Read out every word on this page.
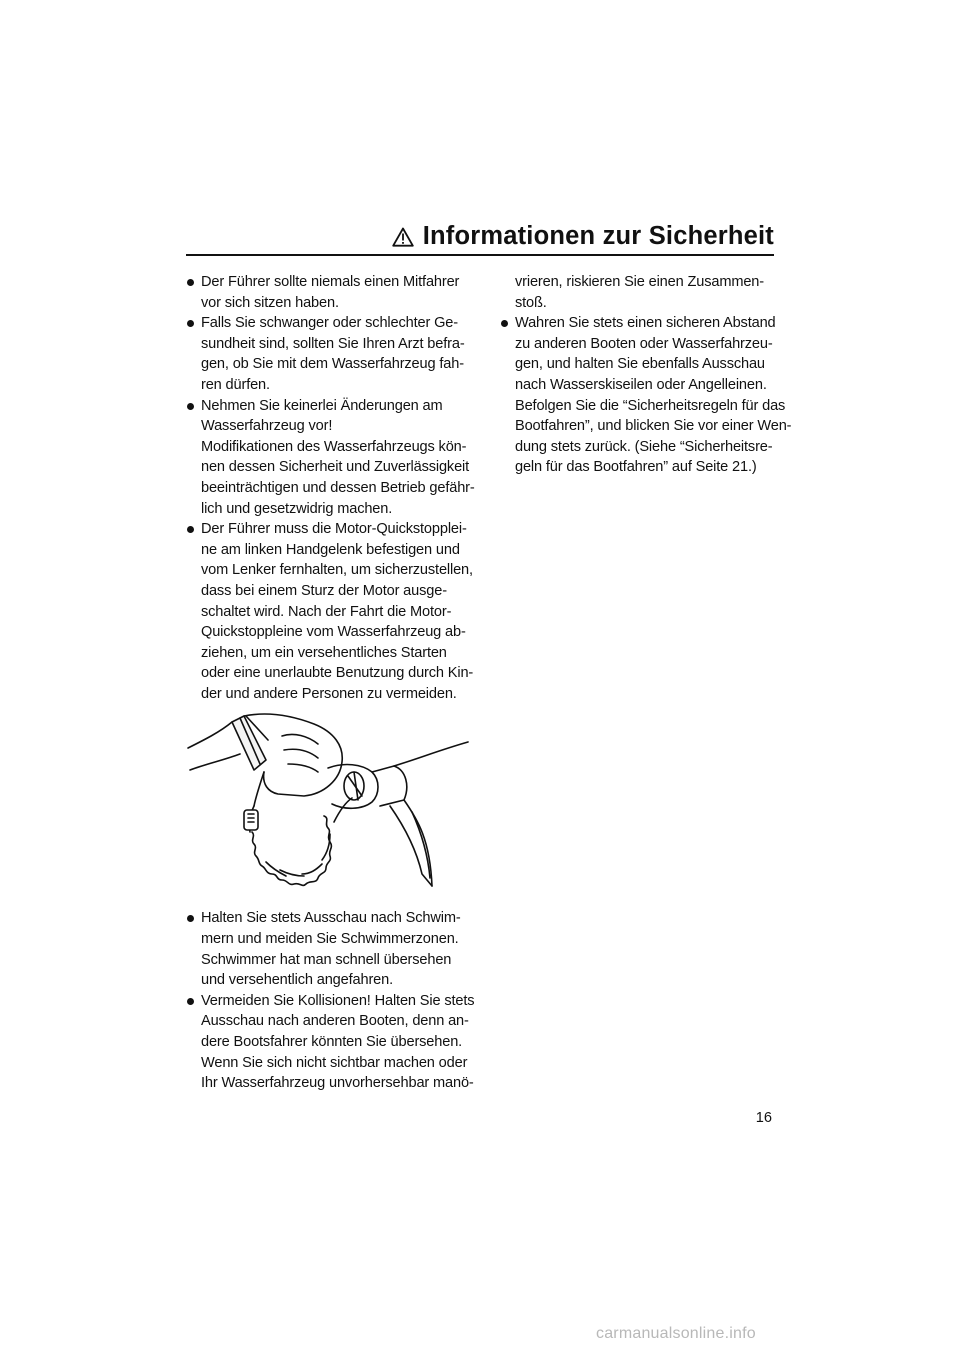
Informationen zur Sicherheit
Der Führer sollte niemals einen Mitfahrer
vor sich sitzen haben.
Falls Sie schwanger oder schlechter Ge-
sundheit sind, sollten Sie Ihren Arzt befra-
gen, ob Sie mit dem Wasserfahrzeug fah-
ren dürfen.
Nehmen Sie keinerlei Änderungen am
Wasserfahrzeug vor!
Modifikationen des Wasserfahrzeugs kön-
nen dessen Sicherheit und Zuverlässigkeit
beeinträchtigen und dessen Betrieb gefähr-
lich und gesetzwidrig machen.
Der Führer muss die Motor-Quickstopplei-
ne am linken Handgelenk befestigen und
vom Lenker fernhalten, um sicherzustellen,
dass bei einem Sturz der Motor ausge-
schaltet wird. Nach der Fahrt die Motor-
Quickstoppleine vom Wasserfahrzeug ab-
ziehen, um ein versehentliches Starten
oder eine unerlaubte Benutzung durch Kin-
der und andere Personen zu vermeiden.
Halten Sie stets Ausschau nach Schwim-
mern und meiden Sie Schwimmerzonen.
Schwimmer hat man schnell übersehen
und versehentlich angefahren.
Vermeiden Sie Kollisionen! Halten Sie stets
Ausschau nach anderen Booten, denn an-
dere Bootsfahrer könnten Sie übersehen.
Wenn Sie sich nicht sichtbar machen oder
Ihr Wasserfahrzeug unvorhersehbar manö-
vrieren, riskieren Sie einen Zusammen-
stoß.
Wahren Sie stets einen sicheren Abstand
zu anderen Booten oder Wasserfahrzeu-
gen, und halten Sie ebenfalls Ausschau
nach Wasserskiseilen oder Angelleinen.
Befolgen Sie die “Sicherheitsregeln für das
Bootfahren”, und blicken Sie vor einer Wen-
dung stets zurück. (Siehe “Sicherheitsre-
geln für das Bootfahren” auf Seite 21.)
16
carmanualsonline.info
